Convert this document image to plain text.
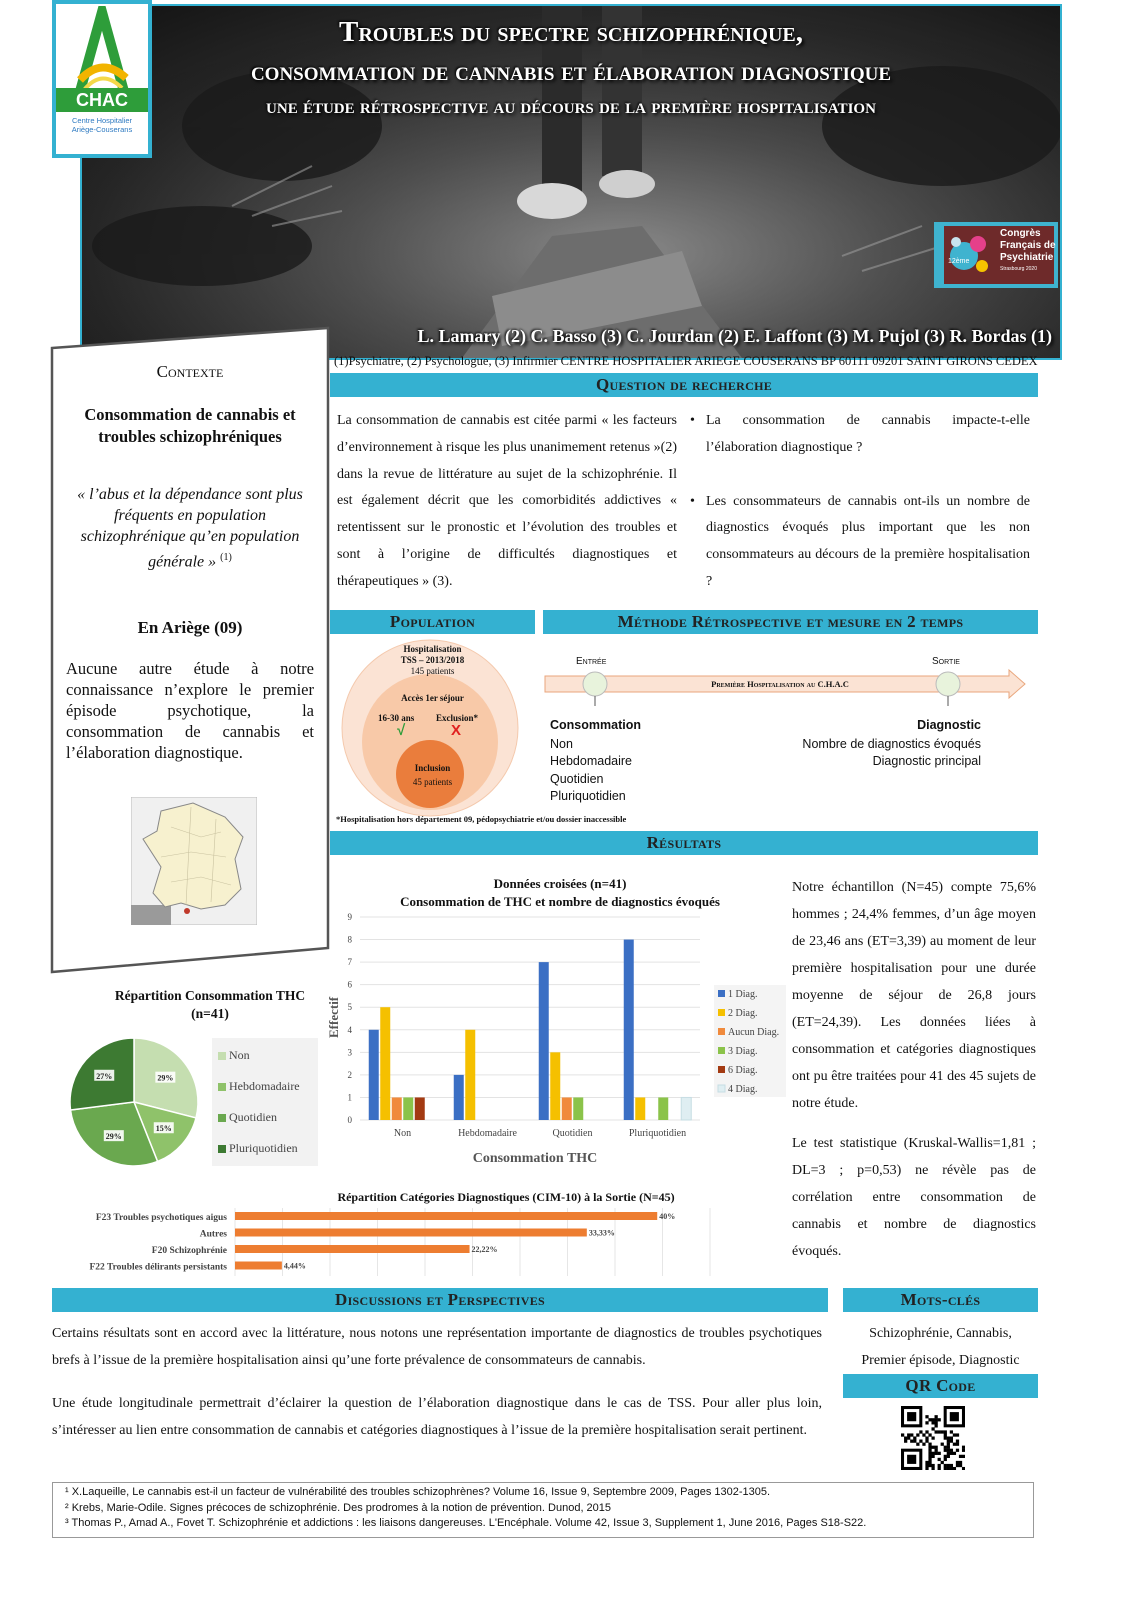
Troubles du spectre schizophrénique,
consommation de cannabis et élaboration diagnostique
une étude rétrospective au décours de la première hospitalisation
L. Lamary (2) C. Basso (3) C. Jourdan (2) E. Laffont (3) M. Pujol (3) R. Bordas (1)
CHAC
Centre Hospitalier
Ariège-Couserans
12ème
Congrès
Français de
Psychiatrie
Strasbourg 2020
(1)Psychiatre, (2) Psychologue, (3) Infirmier CENTRE HOSPITALIER ARIEGE COUSERANS BP 60111 09201 SAINT GIRONS CEDEX
Contexte
Consommation de cannabis et troubles schizophréniques
« l’abus et la dépendance sont plus fréquents en population schizophrénique qu’en population générale » $^{(1)}$
En Ariège (09)
Aucune autre étude à notre connaissance n’explore le premier épisode psychotique, la consommation de cannabis et l’élaboration diagnostique.
Question de recherche
La consommation de cannabis est citée parmi « les facteurs d’environnement à risque les plus unanimement retenus »(2) dans la revue de littérature au sujet de la schizophrénie. Il est également décrit que les comorbidités addictives « retentissent sur le pronostic et l’évolution des troubles et sont à l’origine de difficultés diagnostiques et thérapeutiques » (3).
• La consommation de cannabis impacte-t-elle l’élaboration diagnostique ?
• Les consommateurs de cannabis ont-ils un nombre de diagnostics évoqués plus important que les non consommateurs au décours de la première hospitalisation ?
Population
Hospitalisation
TSS – 2013/2018
145 patients
Accès 1er séjour
16-30 ans Exclusion*
√	X
Inclusion
45 patients
*Hospitalisation hors département 09, pédopsychiatrie et/ou dossier inaccessible
Méthode Rétrospective et mesure en 2 temps
Entrée	Sortie
Première Hospitalisation au C.H.A.C
Consommation
Non
Hebdomadaire
Quotidien
Pluriquotidien
Diagnostic
Nombre de diagnostics évoqués
Diagnostic principal
Résultats
Données croisées (n=41)
Consommation de THC et nombre de diagnostics évoqués
0
1
2
3
4
5
6
7
8
9
Non	Hebdomadaire	Quotidien	Pluriquotidien
1 Diag.
2 Diag.
Aucun Diag.
3 Diag.
6 Diag.
4 Diag.
Consommation THC
Effectif
Notre échantillon (N=45) compte 75,6% hommes ; 24,4% femmes, d’un âge moyen de 23,46 ans (ET=3,39) au moment de leur première hospitalisation pour une durée moyenne de séjour de 26,8 jours (ET=24,39). Les données liées à consommation et catégories diagnostiques ont pu être traitées pour 41 des 45 sujets de notre étude.
Le test statistique (Kruskal-Wallis=1,81 ; DL=3 ; p=0,53) ne révèle pas de corrélation entre consommation de cannabis et nombre de diagnostics évoqués.
Répartition Consommation THC
(n=41)
29%
15%
29%
27%
Non
Hebdomadaire
Quotidien
Pluriquotidien
Répartition Catégories Diagnostiques (CIM-10) à la Sortie (N=45)
F23 Troubles psychotiques aigus	40%
Autres	33,33%
F20 Schizophrénie	22,22%
F22 Troubles délirants persistants	4,44%
Discussions et Perspectives
Certains résultats sont en accord avec la littérature, nous notons une représentation importante de diagnostics de troubles psychotiques brefs à l’issue de la première hospitalisation ainsi qu’une forte prévalence de consommateurs de cannabis.
Une étude longitudinale permettrait d’éclairer la question de l’élaboration diagnostique dans le cas de TSS. Pour aller plus loin, s’intéresser au lien entre consommation de cannabis et catégories diagnostiques à l’issue de la première hospitalisation serait pertinent.
Mots-clés
Schizophrénie, Cannabis,
Premier épisode, Diagnostic
QR Code
¹ X.Laqueille, Le cannabis est-il un facteur de vulnérabilité des troubles schizophrènes? Volume 16, Issue 9, Septembre 2009, Pages 1302-1305.
² Krebs, Marie-Odile. Signes précoces de schizophrénie. Des prodromes à la notion de prévention. Dunod, 2015
³ Thomas P., Amad A., Fovet T. Schizophrénie et addictions : les liaisons dangereuses. L'Encéphale. Volume 42, Issue 3, Supplement 1, June 2016, Pages S18-S22.
